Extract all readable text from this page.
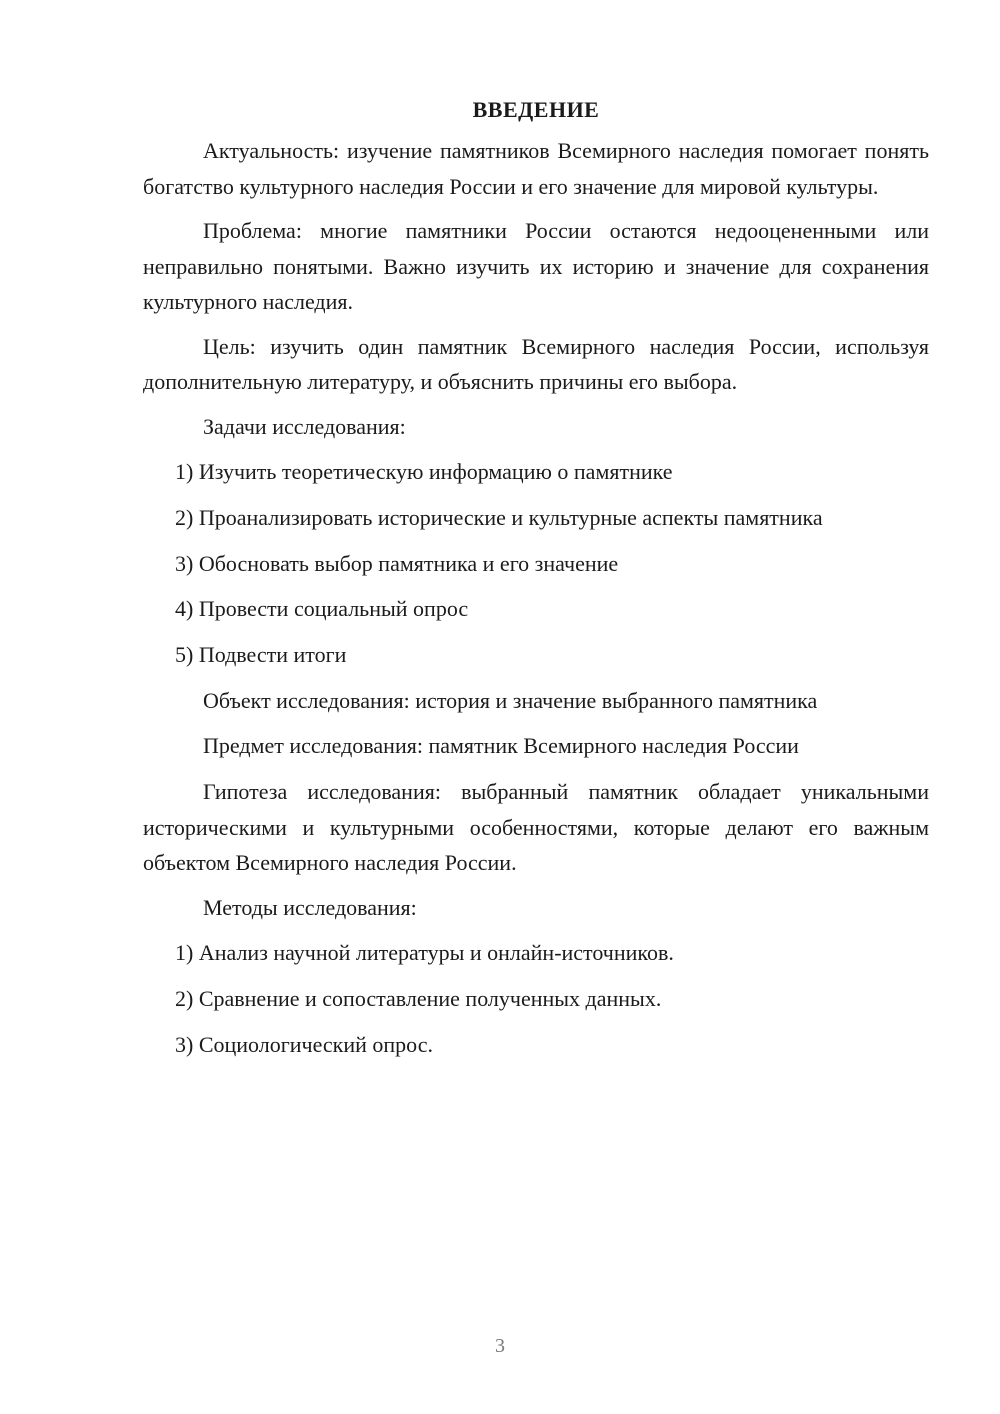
ВВЕДЕНИЕ

Актуальность: изучение памятников Всемирного наследия помогает понять богатство культурного наследия России и его значение для мировой культуры.

Проблема: многие памятники России остаются недооцененными или неправильно понятыми. Важно изучить их историю и значение для сохранения культурного наследия.

Цель: изучить один памятник Всемирного наследия России, используя дополнительную литературу, и объяснить причины его выбора.

Задачи исследования:
1) Изучить теоретическую информацию о памятнике
2) Проанализировать исторические и культурные аспекты памятника
3) Обосновать выбор памятника и его значение
4) Провести социальный опрос
5) Подвести итоги
Объект исследования: история и значение выбранного памятника
Предмет исследования: памятник Всемирного наследия России

Гипотеза исследования: выбранный памятник обладает уникальными историческими и культурными особенностями, которые делают его важным объектом Всемирного наследия России.

Методы исследования:
1) Анализ научной литературы и онлайн-источников.
2) Сравнение и сопоставление полученных данных.
3) Социологический опрос.
3
